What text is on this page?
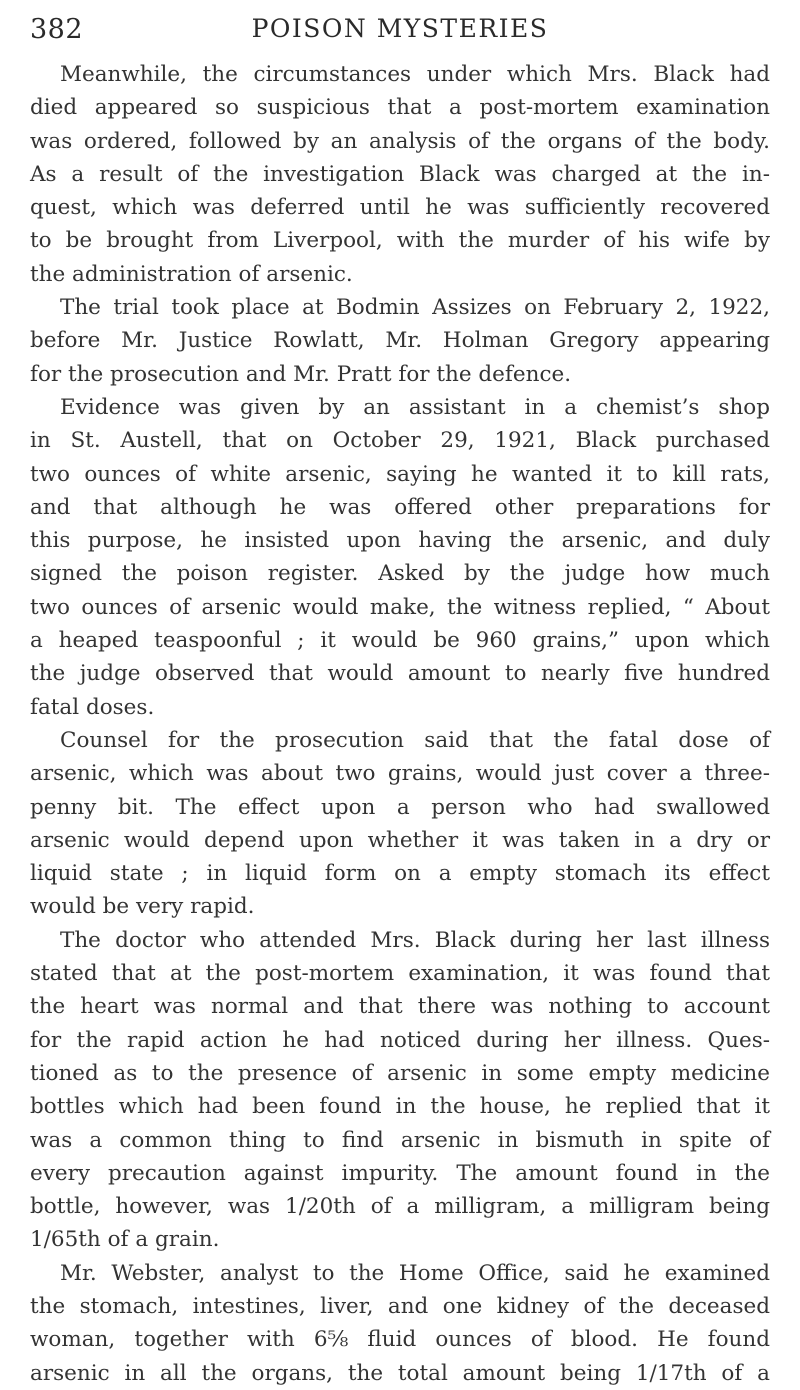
382	POISON MYSTERIES
Meanwhile, the circumstances under which Mrs. Black had
died appeared so suspicious that a post-mortem examination
was ordered, followed by an analysis of the organs of the body.
As a result of the investigation Black was charged at the in-
quest, which was deferred until he was sufficiently recovered
to be brought from Liverpool, with the murder of his wife by
the administration of arsenic.
The trial took place at Bodmin Assizes on February 2, 1922,
before Mr. Justice Rowlatt, Mr. Holman Gregory appearing
for the prosecution and Mr. Pratt for the defence.
Evidence was given by an assistant in a chemist’s shop
in St. Austell, that on October 29, 1921, Black purchased
two ounces of white arsenic, saying he wanted it to kill rats,
and that although he was offered other preparations for
this purpose, he insisted upon having the arsenic, and duly
signed the poison register. Asked by the judge how much
two ounces of arsenic would make, the witness replied, “ About
a heaped teaspoonful ; it would be 960 grains,” upon which
the judge observed that would amount to nearly five hundred
fatal doses.
Counsel for the prosecution said that the fatal dose of
arsenic, which was about two grains, would just cover a three-
penny bit. The effect upon a person who had swallowed
arsenic would depend upon whether it was taken in a dry or
liquid state ; in liquid form on a empty stomach its effect
would be very rapid.
The doctor who attended Mrs. Black during her last illness
stated that at the post-mortem examination, it was found that
the heart was normal and that there was nothing to account
for the rapid action he had noticed during her illness. Ques-
tioned as to the presence of arsenic in some empty medicine
bottles which had been found in the house, he replied that it
was a common thing to find arsenic in bismuth in spite of
every precaution against impurity. The amount found in the
bottle, however, was 1/20th of a milligram, a milligram being
1/65th of a grain.
Mr. Webster, analyst to the Home Office, said he examined
the stomach, intestines, liver, and one kidney of the deceased
woman, together with 6⅝ fluid ounces of blood. He found
arsenic in all the organs, the total amount being 1/17th of a
